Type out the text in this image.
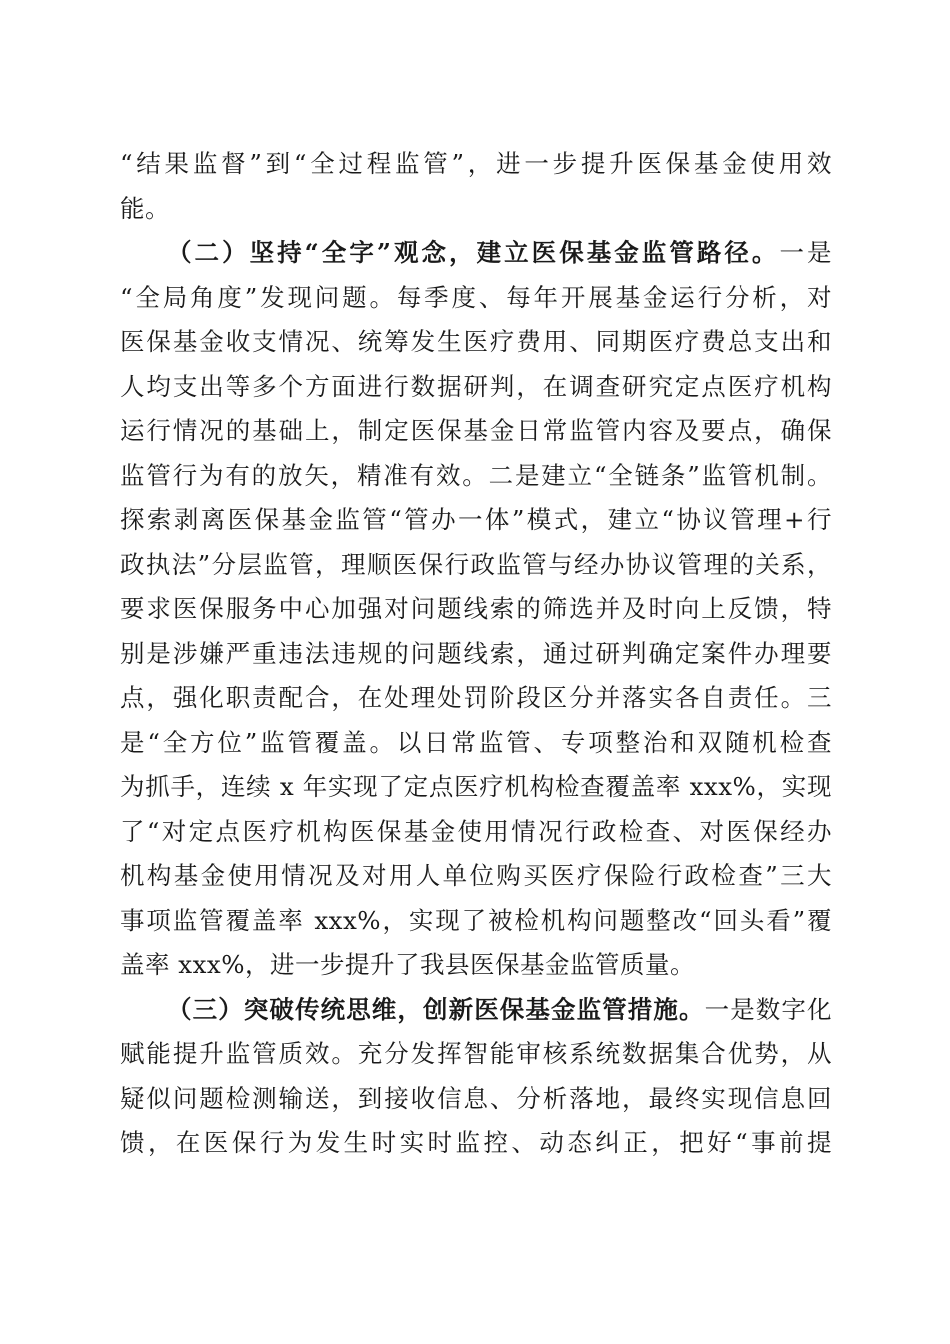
“结果监督”到“全过程监管”，进一步提升医保基金使用效
能。
（二）坚持“全字”观念，建立医保基金监管路径。一是
“全局角度”发现问题。每季度、每年开展基金运行分析，对
医保基金收支情况、统筹发生医疗费用、同期医疗费总支出和
人均支出等多个方面进行数据研判，在调查研究定点医疗机构
运行情况的基础上，制定医保基金日常监管内容及要点，确保
监管行为有的放矢，精准有效。二是建立“全链条”监管机制。
探索剥离医保基金监管“管办一体”模式，建立“协议管理+行
政执法”分层监管，理顺医保行政监管与经办协议管理的关系，
要求医保服务中心加强对问题线索的筛选并及时向上反馈，特
别是涉嫌严重违法违规的问题线索，通过研判确定案件办理要
点，强化职责配合，在处理处罚阶段区分并落实各自责任。三
是“全方位”监管覆盖。以日常监管、专项整治和双随机检查
为抓手，连续 x 年实现了定点医疗机构检查覆盖率 xxx%，实现
了“对定点医疗机构医保基金使用情况行政检查、对医保经办
机构基金使用情况及对用人单位购买医疗保险行政检查”三大
事项监管覆盖率 xxx%，实现了被检机构问题整改“回头看”覆
盖率 xxx%，进一步提升了我县医保基金监管质量。
（三）突破传统思维，创新医保基金监管措施。一是数字化
赋能提升监管质效。充分发挥智能审核系统数据集合优势，从
疑似问题检测输送，到接收信息、分析落地，最终实现信息回
馈，在医保行为发生时实时监控、动态纠正，把好“事前提
